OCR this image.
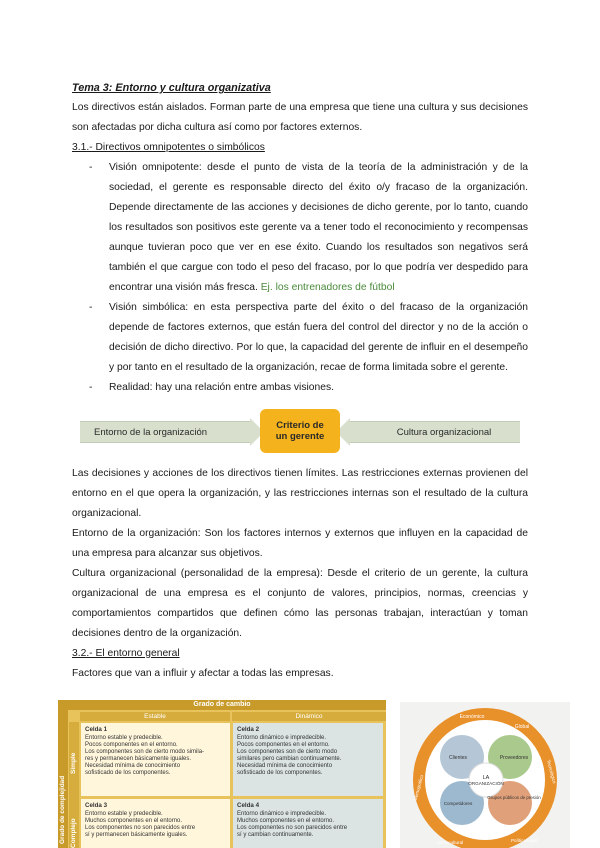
Tema 3: Entorno y cultura organizativa
Los directivos están aislados. Forman parte de una empresa que tiene una cultura y sus decisiones son afectadas por dicha cultura así como por factores externos.
3.1.- Directivos omnipotentes o simbólicos
- Visión omnipotente: desde el punto de vista de la teoría de la administración y de la sociedad, el gerente es responsable directo del éxito o/y fracaso de la organización. Depende directamente de las acciones y decisiones de dicho gerente, por lo tanto, cuando los resultados son positivos este gerente va a tener todo el reconocimiento y recompensas aunque tuvieran poco que ver en ese éxito. Cuando los resultados son negativos será también el que cargue con todo el peso del fracaso, por lo que podría ver despedido para encontrar una visión más fresca. Ej. los entrenadores de fútbol
- Visión simbólica: en esta perspectiva parte del éxito o del fracaso de la organización depende de factores externos, que están fuera del control del director y no de la acción o decisión de dicho directivo. Por lo que, la capacidad del gerente de influir en el desempeño y por tanto en el resultado de la organización, recae de forma limitada sobre el gerente.
- Realidad: hay una relación entre ambas visiones.
Las decisiones y acciones de los directivos tienen límites. Las restricciones externas provienen del entorno en el que opera la organización, y las restricciones internas son el resultado de la cultura organizacional.
Entorno de la organización: Son los factores internos y externos que influyen en la capacidad de una empresa para alcanzar sus objetivos.
Cultura organizacional (personalidad de la empresa): Desde el criterio de un gerente, la cultura organizacional de una empresa es el conjunto de valores, principios, normas, creencias y comportamientos compartidos que definen cómo las personas trabajan, interactúan y toman decisiones dentro de la organización.
3.2.- El entorno general
Factores que van a influir y afectar a todas las empresas.
Entorno de la organización	Cultura organizacional
Criterio de un gerente
Grado de cambio
Estable	Dinámico
Grado de complejidad
Simple
Complejo
Celda 1
Entorno estable y predecible.
Pocos componentes en el entorno.
Los componentes son de cierto modo simila-
res y permanecen básicamente iguales.
Necesidad mínima de conocimiento
sofisticado de los componentes.
Celda 2
Entorno dinámico e impredecible.
Pocos componentes en el entorno.
Los componentes son de cierto modo
similares pero cambian continuamente.
Necesidad mínima de conocimiento
sofisticado de los componentes.
Celda 3
Entorno estable y predecible.
Muchos componentes en el entorno.
Los componentes no son parecidos entre
sí y permanecen básicamente iguales.
Celda 4
Entorno dinámico e impredecible.
Muchos componentes en el entorno.
Los componentes no son parecidos entre
sí y cambian continuamente.
LA
ORGANIZACIÓN
Clientes	Proveedores
Competidores
Grupos públicos de presión
Económico
Global
Tecnológico
Demográfico
Sociocultural	Político/legal
